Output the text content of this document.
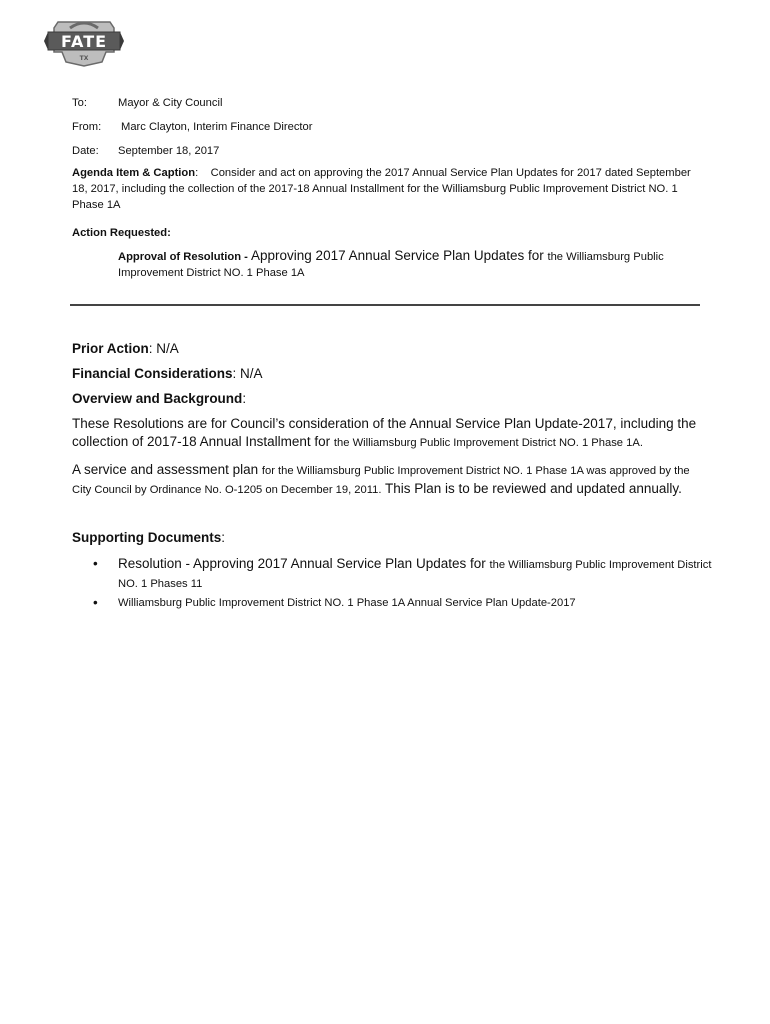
FATE
TX
To:	Mayor & City Council
From: Marc Clayton, Interim Finance Director
Date: September 18, 2017
Agenda Item & Caption: Consider and act on approving the 2017 Annual Service Plan Updates for 2017 dated September 18, 2017, including the collection of the 2017-18 Annual Installment for the Williamsburg Public Improvement District NO. 1 Phase 1A
Action Requested:
Approval of Resolution - Approving 2017 Annual Service Plan Updates for the Williamsburg Public Improvement District NO. 1 Phase 1A
Prior Action: N/A
Financial Considerations: N/A
Overview and Background:
These Resolutions are for Council’s consideration of the Annual Service Plan Update-2017, including the collection of 2017-18 Annual Installment for the Williamsburg Public Improvement District NO. 1 Phase 1A.
A service and assessment plan for the Williamsburg Public Improvement District NO. 1 Phase 1A was approved by the City Council by Ordinance No. O-1205 on December 19, 2011. This Plan is to be reviewed and updated annually.
Supporting Documents:
• Resolution - Approving 2017 Annual Service Plan Updates for the Williamsburg Public Improvement District NO. 1 Phases 11
• Williamsburg Public Improvement District NO. 1 Phase 1A Annual Service Plan Update-2017
